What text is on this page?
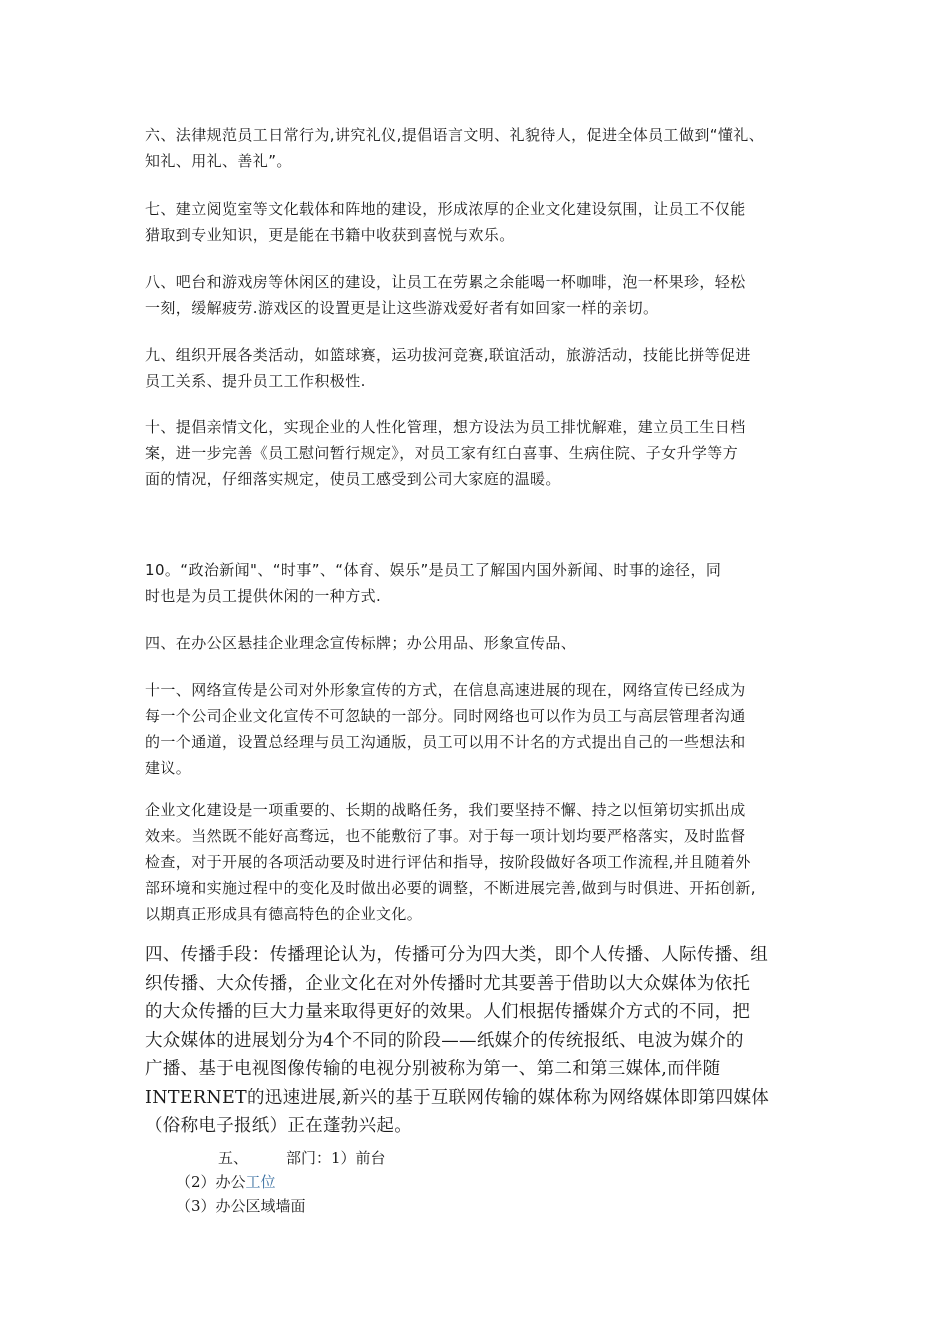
六、法律规范员工日常行为,讲究礼仪,提倡语言文明、礼貌待人，促进全体员工做到“懂礼、
知礼、用礼、善礼”。
七、建立阅览室等文化载体和阵地的建设，形成浓厚的企业文化建设氛围，让员工不仅能
猎取到专业知识，更是能在书籍中收获到喜悦与欢乐。
八、吧台和游戏房等休闲区的建设，让员工在劳累之余能喝一杯咖啡，泡一杯果珍，轻松
一刻，缓解疲劳.游戏区的设置更是让这些游戏爱好者有如回家一样的亲切。
九、组织开展各类活动，如篮球赛，运功拔河竞赛,联谊活动，旅游活动，技能比拼等促进
员工关系、提升员工工作积极性.
十、提倡亲情文化，实现企业的人性化管理，想方设法为员工排忧解难，建立员工生日档
案，进一步完善《员工慰问暂行规定》，对员工家有红白喜事、生病住院、子女升学等方
面的情况，仔细落实规定，使员工感受到公司大家庭的温暖。
10。“政治新闻"、“时事”、“体育、娱乐”是员工了解国内国外新闻、时事的途径，同
时也是为员工提供休闲的一种方式.
四、在办公区悬挂企业理念宣传标牌；办公用品、形象宣传品、
十一、网络宣传是公司对外形象宣传的方式，在信息高速进展的现在，网络宣传已经成为
每一个公司企业文化宣传不可忽缺的一部分。同时网络也可以作为员工与高层管理者沟通
的一个通道，设置总经理与员工沟通版，员工可以用不计名的方式提出自己的一些想法和
建议。
企业文化建设是一项重要的、长期的战略任务，我们要坚持不懈、持之以恒第切实抓出成
效来。当然既不能好高骛远，也不能敷衍了事。对于每一项计划均要严格落实，及时监督
检查，对于开展的各项活动要及时进行评估和指导，按阶段做好各项工作流程,并且随着外
部环境和实施过程中的变化及时做出必要的调整，不断进展完善,做到与时俱进、开拓创新,
以期真正形成具有德高特色的企业文化。
四、传播手段：传播理论认为，传播可分为四大类，即个人传播、人际传播、组
织传播、大众传播，企业文化在对外传播时尤其要善于借助以大众媒体为依托
的大众传播的巨大力量来取得更好的效果。人们根据传播媒介方式的不同，把
大众媒体的进展划分为4个不同的阶段——纸媒介的传统报纸、电波为媒介的
广播、基于电视图像传输的电视分别被称为第一、第二和第三媒体,而伴随
INTERNET的迅速进展,新兴的基于互联网传输的媒体称为网络媒体即第四媒体
（俗称电子报纸）正在蓬勃兴起。
五、	部门：1）前台
（2）办公工位
（3）办公区域墙面
